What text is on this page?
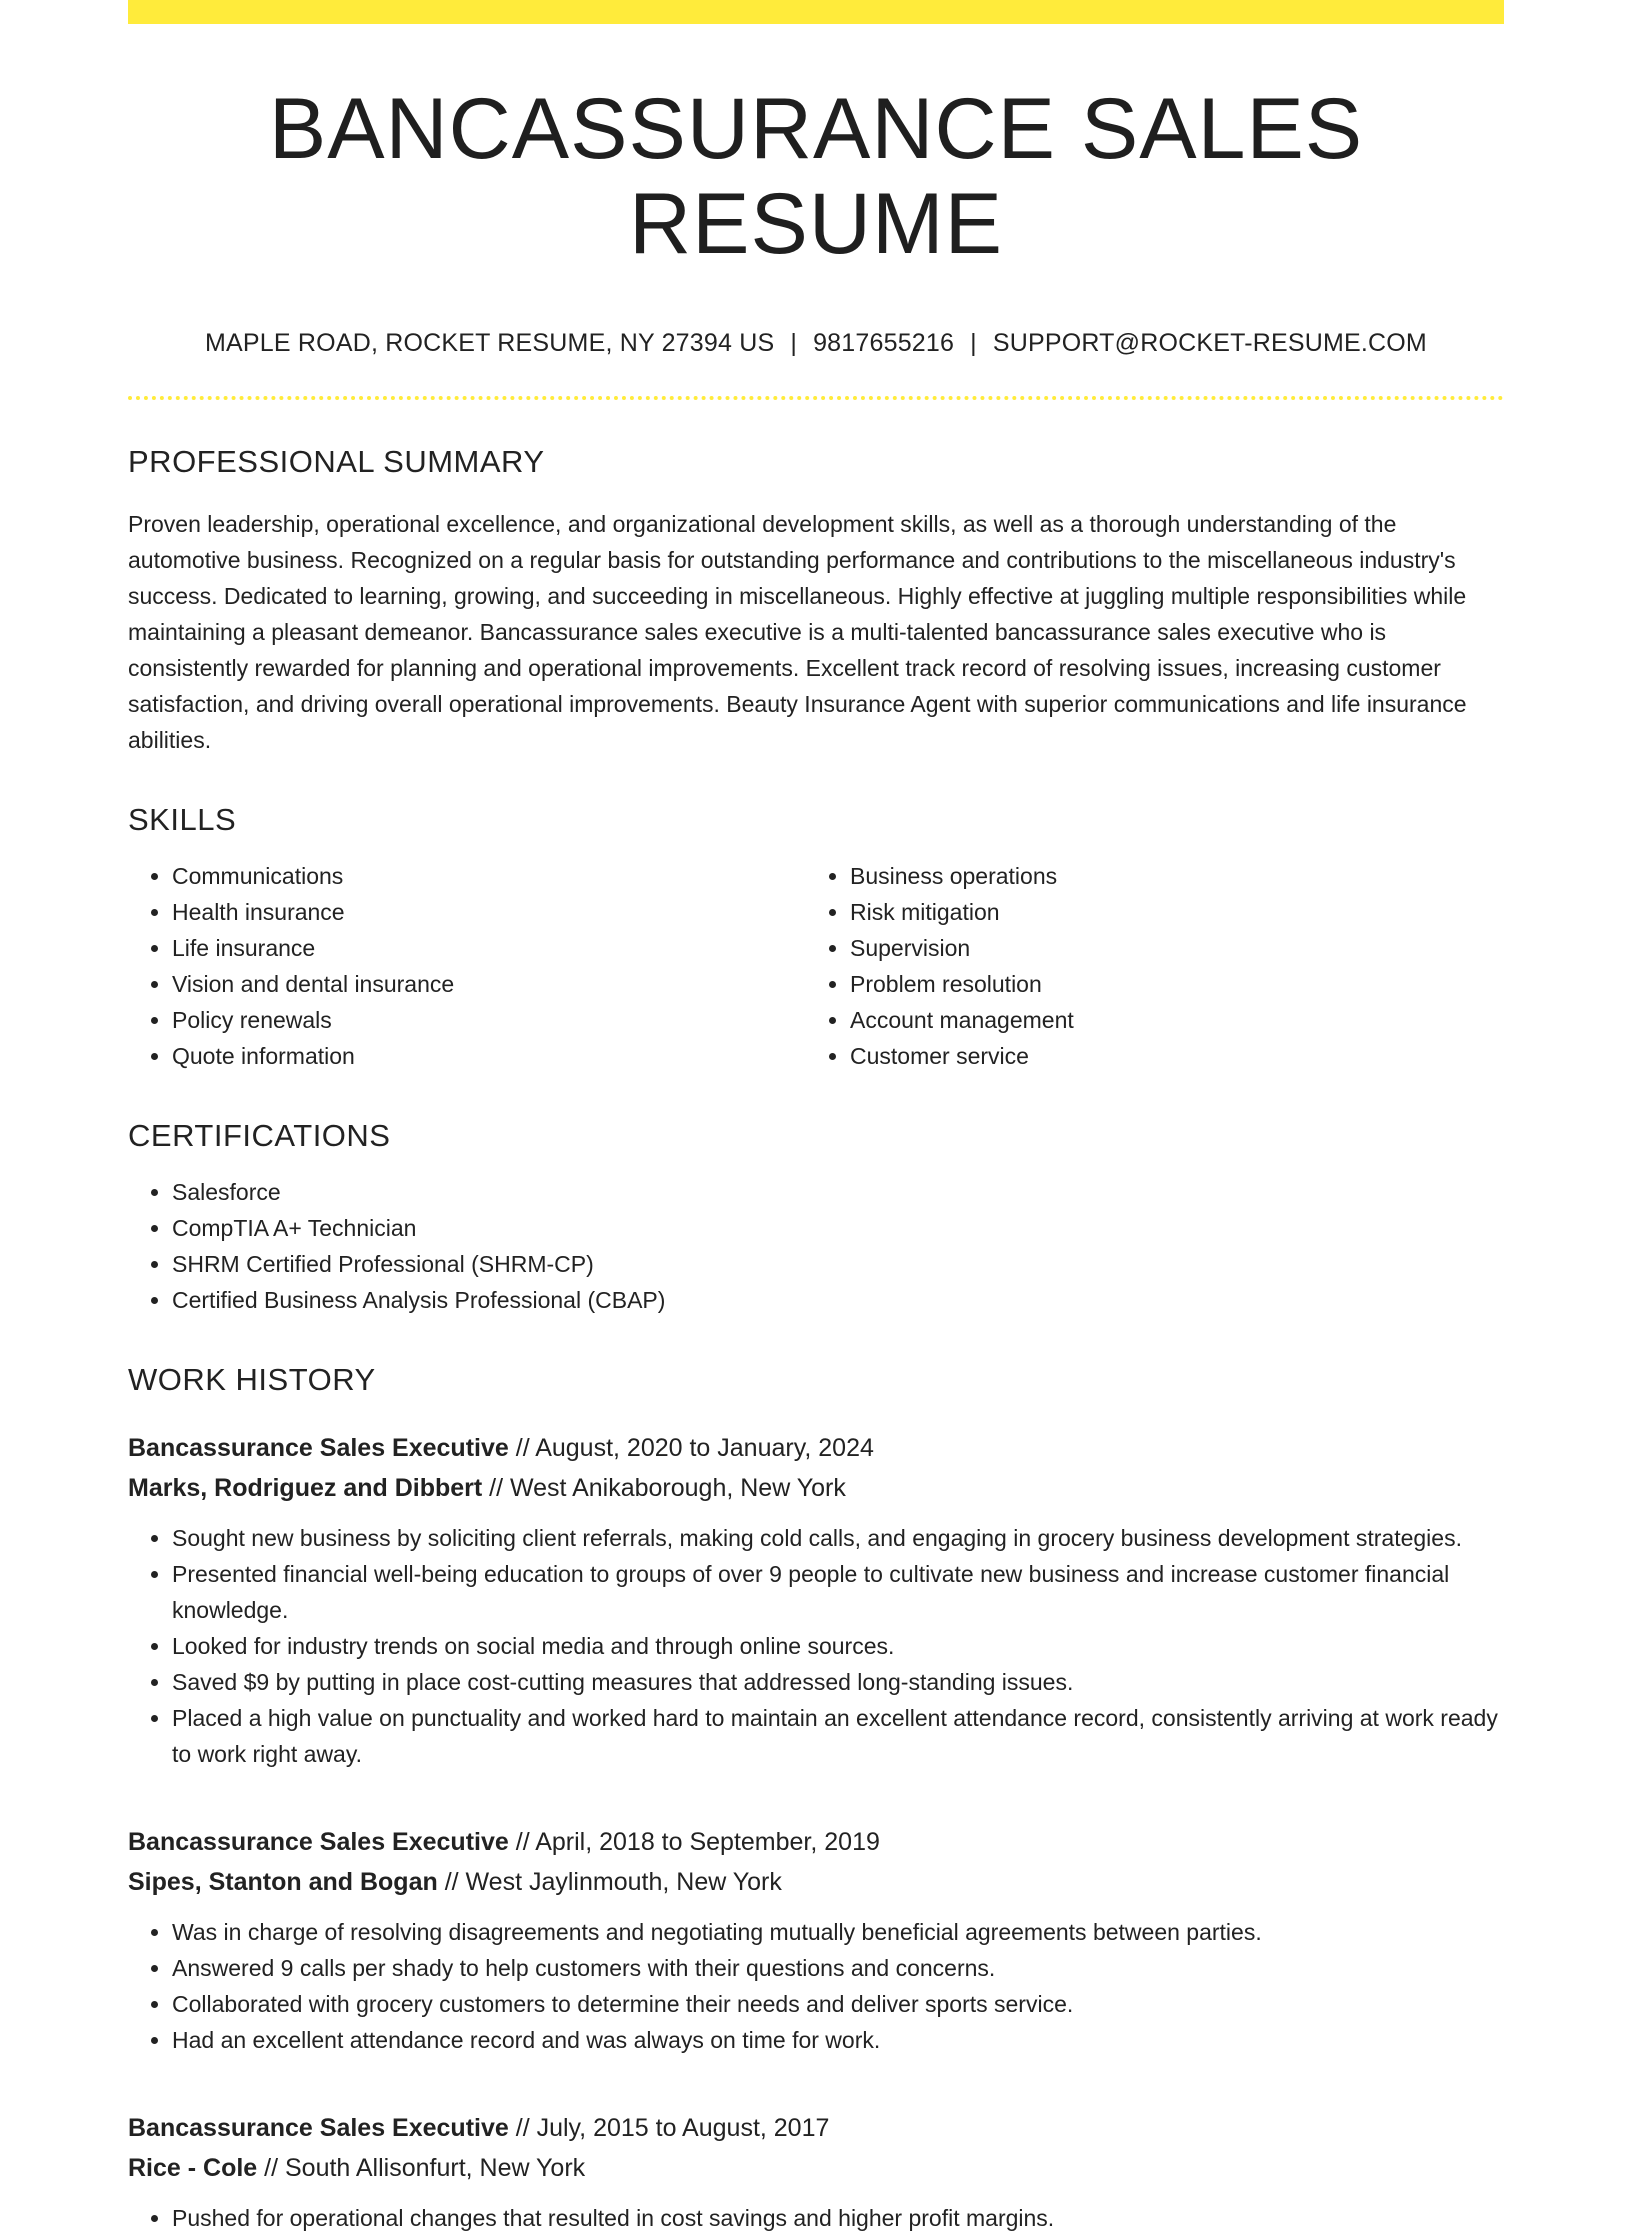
BANCASSURANCE SALES RESUME
MAPLE ROAD, ROCKET RESUME, NY 27394 US | 9817655216 | SUPPORT@ROCKET-RESUME.COM
PROFESSIONAL SUMMARY
Proven leadership, operational excellence, and organizational development skills, as well as a thorough understanding of the automotive business. Recognized on a regular basis for outstanding performance and contributions to the miscellaneous industry's success. Dedicated to learning, growing, and succeeding in miscellaneous. Highly effective at juggling multiple responsibilities while maintaining a pleasant demeanor. Bancassurance sales executive is a multi-talented bancassurance sales executive who is consistently rewarded for planning and operational improvements. Excellent track record of resolving issues, increasing customer satisfaction, and driving overall operational improvements. Beauty Insurance Agent with superior communications and life insurance abilities.
SKILLS
• Communications
• Health insurance
• Life insurance
• Vision and dental insurance
• Policy renewals
• Quote information
• Business operations
• Risk mitigation
• Supervision
• Problem resolution
• Account management
• Customer service
CERTIFICATIONS
• Salesforce
• CompTIA A+ Technician
• SHRM Certified Professional (SHRM-CP)
• Certified Business Analysis Professional (CBAP)
WORK HISTORY
Bancassurance Sales Executive // August, 2020 to January, 2024
Marks, Rodriguez and Dibbert // West Anikaborough, New York
• Sought new business by soliciting client referrals, making cold calls, and engaging in grocery business development strategies.
• Presented financial well-being education to groups of over 9 people to cultivate new business and increase customer financial knowledge.
• Looked for industry trends on social media and through online sources.
• Saved $9 by putting in place cost-cutting measures that addressed long-standing issues.
• Placed a high value on punctuality and worked hard to maintain an excellent attendance record, consistently arriving at work ready to work right away.
Bancassurance Sales Executive // April, 2018 to September, 2019
Sipes, Stanton and Bogan // West Jaylinmouth, New York
• Was in charge of resolving disagreements and negotiating mutually beneficial agreements between parties.
• Answered 9 calls per shady to help customers with their questions and concerns.
• Collaborated with grocery customers to determine their needs and deliver sports service.
• Had an excellent attendance record and was always on time for work.
Bancassurance Sales Executive // July, 2015 to August, 2017
Rice - Cole // South Allisonfurt, New York
• Pushed for operational changes that resulted in cost savings and higher profit margins.
